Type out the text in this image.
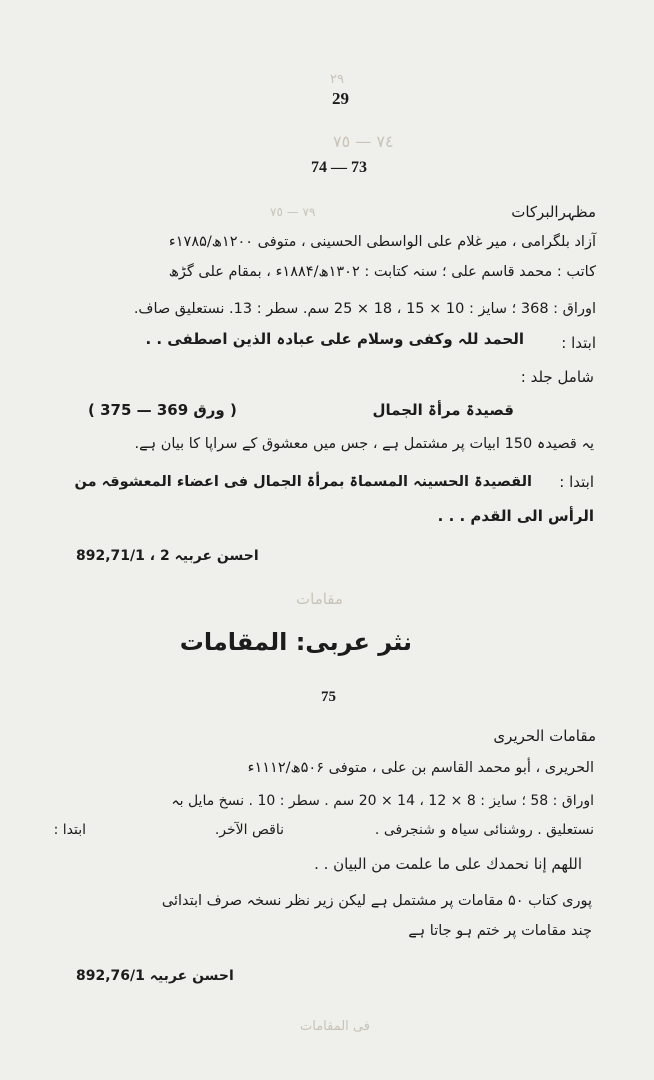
٢٩
٧٤ — ٧٥
٧٩ — ٧٥
مقامات
فی المقامات
29
74 — 73
مظہرالبرکات
آزاد بلگرامی ، میر غلام علی الواسطی الحسینی ، متوفی ۱۲۰۰ھ/۱۷۸۵ء
کاتب : محمد قاسم علی ؛ سنہ کتابت : ۱۳۰۲ھ/۱۸۸۴ء ، بمقام علی گڑھ
اوراق : 368 ؛ سایز : 10 × 15 ، 18 × 25 سم. سطر : 13. نستعلیق صاف.
ابتدا :
الحمد للہ وکفی وسلام علی عبادہ الذین اصطفی . .
شامل جلد :
قصیدۃ مرأۃ الجمال
( ورق 369 — 375 )
یہ قصیدہ 150 ابیات پر مشتمل ہے ، جس میں معشوق کے سراپا کا بیان ہے.
ابتدا :
القصیدۃ الحسینہ المسماۃ بمرأۃ الجمال فی اعضاء المعشوقہ من
الرأس الی القدم . . .
احسن عربیہ 2 ، 892,71/1
نثر عربی: المقامات
75
مقامات الحریری
الحریری ، أبو محمد القاسم بن علی ، متوفی ۵۰۶ھ/۱۱۱۲ء
اوراق : 58 ؛ سایز : 8 × 12 ، 14 × 20 سم . سطر : 10 . نسخ مایل بہ
نستعلیق . روشنائی سیاہ و شنجرفی .
ناقص الآخر.
ابتدا :
اللهم إنا نحمدك على ما علمت من البيان . .
پوری کتاب ۵۰ مقامات پر مشتمل ہے لیکن زیر نظر نسخہ صرف ابتدائی
چند مقامات پر ختم ہو جاتا ہے
احسن عربیہ 892,76/1
